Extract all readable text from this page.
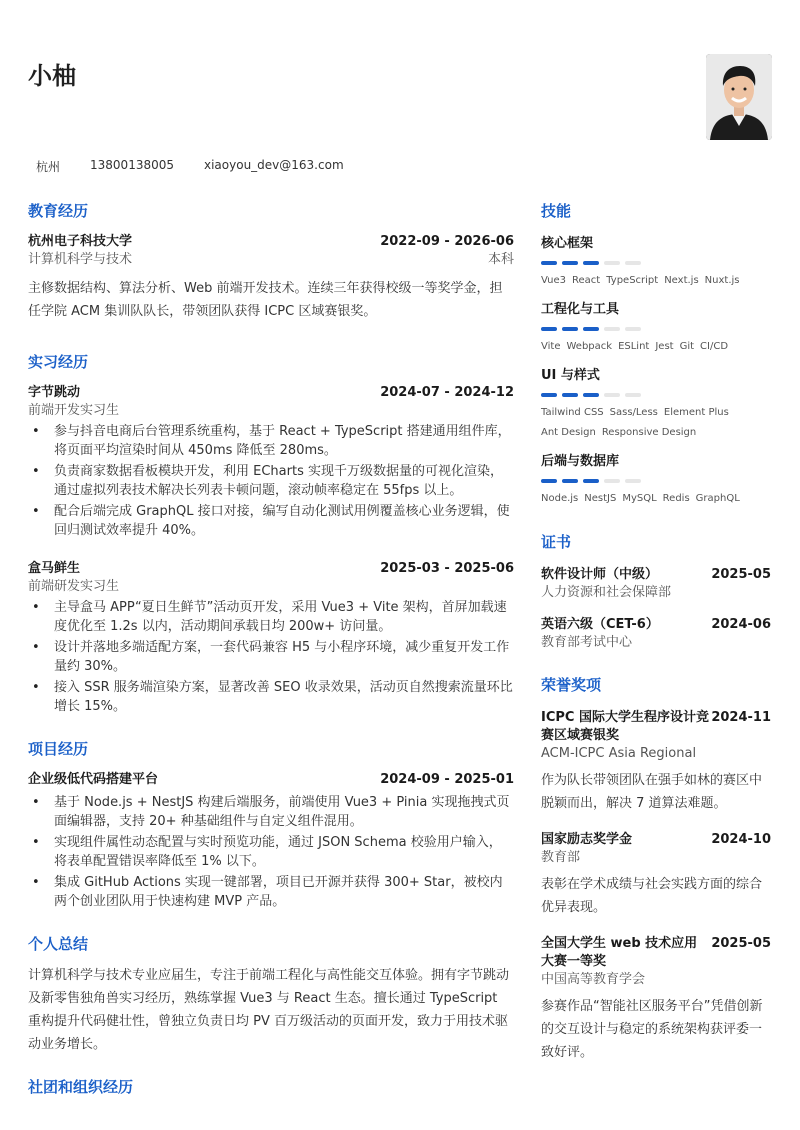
小柚
杭州	13800138005	xiaoyou_dev@163.com
教育经历
杭州电子科技大学	2022-09 - 2026-06
计算机科学与技术	本科
主修数据结构、算法分析、Web 前端开发技术。连续三年获得校级一等奖学金，担任学院 ACM 集训队队长，带领团队获得 ICPC 区域赛银奖。
实习经历
字节跳动	2024-07 - 2024-12
前端开发实习生
• 参与抖音电商后台管理系统重构，基于 React + TypeScript 搭建通用组件库，将页面平均渲染时间从 450ms 降低至 280ms。
• 负责商家数据看板模块开发，利用 ECharts 实现千万级数据量的可视化渲染，通过虚拟列表技术解决长列表卡顿问题，滚动帧率稳定在 55fps 以上。
• 配合后端完成 GraphQL 接口对接，编写自动化测试用例覆盖核心业务逻辑，使回归测试效率提升 40%。
盒马鲜生	2025-03 - 2025-06
前端研发实习生
• 主导盒马 APP“夏日生鲜节”活动页开发，采用 Vue3 + Vite 架构，首屏加载速度优化至 1.2s 以内，活动期间承载日均 200w+ 访问量。
• 设计并落地多端适配方案，一套代码兼容 H5 与小程序环境，减少重复开发工作量约 30%。
• 接入 SSR 服务端渲染方案，显著改善 SEO 收录效果，活动页自然搜索流量环比增长 15%。
项目经历
企业级低代码搭建平台	2024-09 - 2025-01
• 基于 Node.js + NestJS 构建后端服务，前端使用 Vue3 + Pinia 实现拖拽式页面编辑器，支持 20+ 种基础组件与自定义组件混用。
• 实现组件属性动态配置与实时预览功能，通过 JSON Schema 校验用户输入，将表单配置错误率降低至 1% 以下。
• 集成 GitHub Actions 实现一键部署，项目已开源并获得 300+ Star，被校内两个创业团队用于快速构建 MVP 产品。
个人总结
计算机科学与技术专业应届生，专注于前端工程化与高性能交互体验。拥有字节跳动及新零售独角兽实习经历，熟练掌握 Vue3 与 React 生态。擅长通过 TypeScript 重构提升代码健壮性，曾独立负责日均 PV 百万级活动的页面开发，致力于用技术驱动业务增长。
社团和组织经历
技能
核心框架
Vue3 React TypeScript Next.js Nuxt.js
工程化与工具
Vite Webpack ESLint Jest Git CI/CD
UI 与样式
Tailwind CSS Sass/Less Element Plus
Ant Design Responsive Design
后端与数据库
Node.js NestJS MySQL Redis GraphQL
证书
软件设计师（中级）	2025-05
人力资源和社会保障部
英语六级（CET-6）	2024-06
教育部考试中心
荣誉奖项
ICPC 国际大学生程序设计竞赛区域赛银奖
2024-11
ACM-ICPC Asia Regional
作为队长带领团队在强手如林的赛区中脱颖而出，解决 7 道算法难题。
国家励志奖学金	2024-10
教育部
表彰在学术成绩与社会实践方面的综合优异表现。
全国大学生 web 技术应用大赛一等奖
2025-05
中国高等教育学会
参赛作品“智能社区服务平台”凭借创新的交互设计与稳定的系统架构获评委一致好评。
